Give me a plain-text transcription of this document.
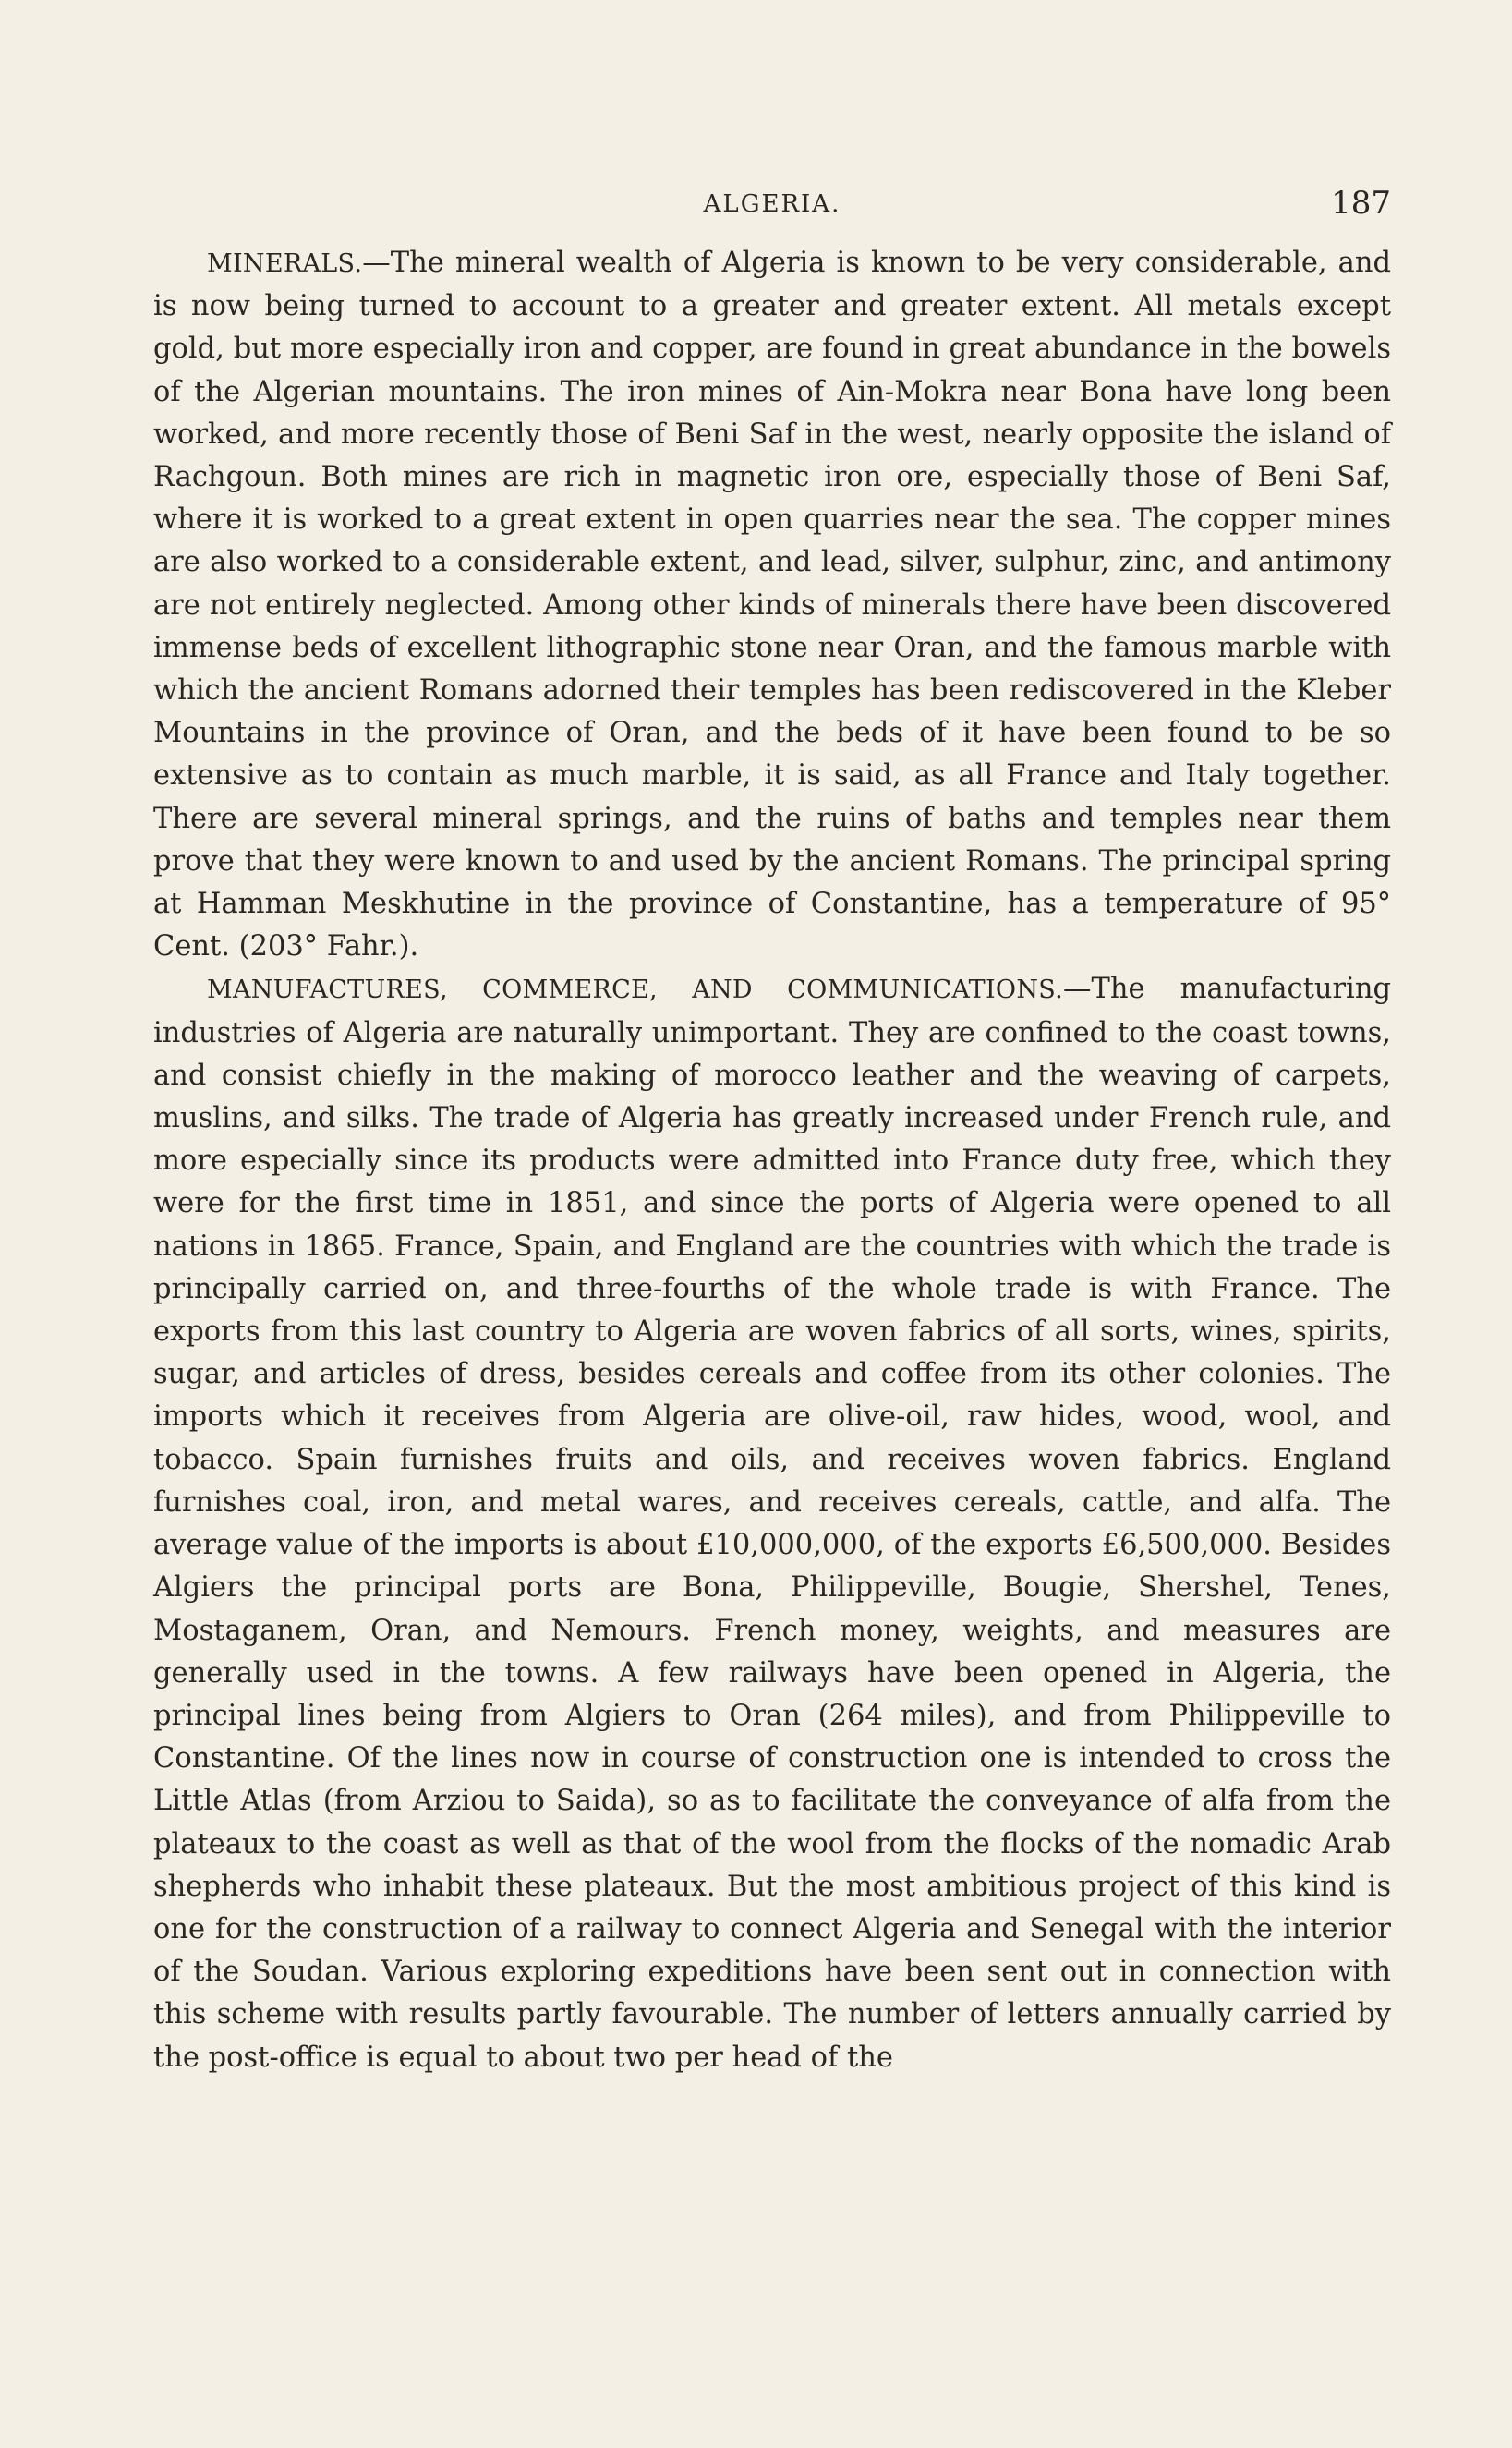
ALGERIA.	187

MINERALS.—The mineral wealth of Algeria is known to be very considerable, and is now being turned to account to a greater and greater extent. All metals except gold, but more especially iron and copper, are found in great abundance in the bowels of the Algerian mountains. The iron mines of Ain-Mokra near Bona have long been worked, and more recently those of Beni Saf in the west, nearly opposite the island of Rachgoun. Both mines are rich in magnetic iron ore, especially those of Beni Saf, where it is worked to a great extent in open quarries near the sea. The copper mines are also worked to a considerable extent, and lead, silver, sulphur, zinc, and antimony are not entirely neglected. Among other kinds of minerals there have been discovered immense beds of excellent lithographic stone near Oran, and the famous marble with which the ancient Romans adorned their temples has been rediscovered in the Kleber Mountains in the province of Oran, and the beds of it have been found to be so extensive as to contain as much marble, it is said, as all France and Italy together. There are several mineral springs, and the ruins of baths and temples near them prove that they were known to and used by the ancient Romans. The principal spring at Hamman Meskhutine in the province of Constantine, has a temperature of 95° Cent. (203° Fahr.).

MANUFACTURES, COMMERCE, AND COMMUNICATIONS.—The manufacturing industries of Algeria are naturally unimportant. They are confined to the coast towns, and consist chiefly in the making of morocco leather and the weaving of carpets, muslins, and silks. The trade of Algeria has greatly increased under French rule, and more especially since its products were admitted into France duty free, which they were for the first time in 1851, and since the ports of Algeria were opened to all nations in 1865. France, Spain, and England are the countries with which the trade is principally carried on, and three-fourths of the whole trade is with France. The exports from this last country to Algeria are woven fabrics of all sorts, wines, spirits, sugar, and articles of dress, besides cereals and coffee from its other colonies. The imports which it receives from Algeria are olive-oil, raw hides, wood, wool, and tobacco. Spain furnishes fruits and oils, and receives woven fabrics. England furnishes coal, iron, and metal wares, and receives cereals, cattle, and alfa. The average value of the imports is about £10,000,000, of the exports £6,500,000. Besides Algiers the principal ports are Bona, Philippeville, Bougie, Shershel, Tenes, Mostaganem, Oran, and Nemours. French money, weights, and measures are generally used in the towns. A few railways have been opened in Algeria, the principal lines being from Algiers to Oran (264 miles), and from Philippeville to Constantine. Of the lines now in course of construction one is intended to cross the Little Atlas (from Arziou to Saida), so as to facilitate the conveyance of alfa from the plateaux to the coast as well as that of the wool from the flocks of the nomadic Arab shepherds who inhabit these plateaux. But the most ambitious project of this kind is one for the construction of a railway to connect Algeria and Senegal with the interior of the Soudan. Various exploring expeditions have been sent out in connection with this scheme with results partly favourable. The number of letters annually carried by the post-office is equal to about two per head of the
